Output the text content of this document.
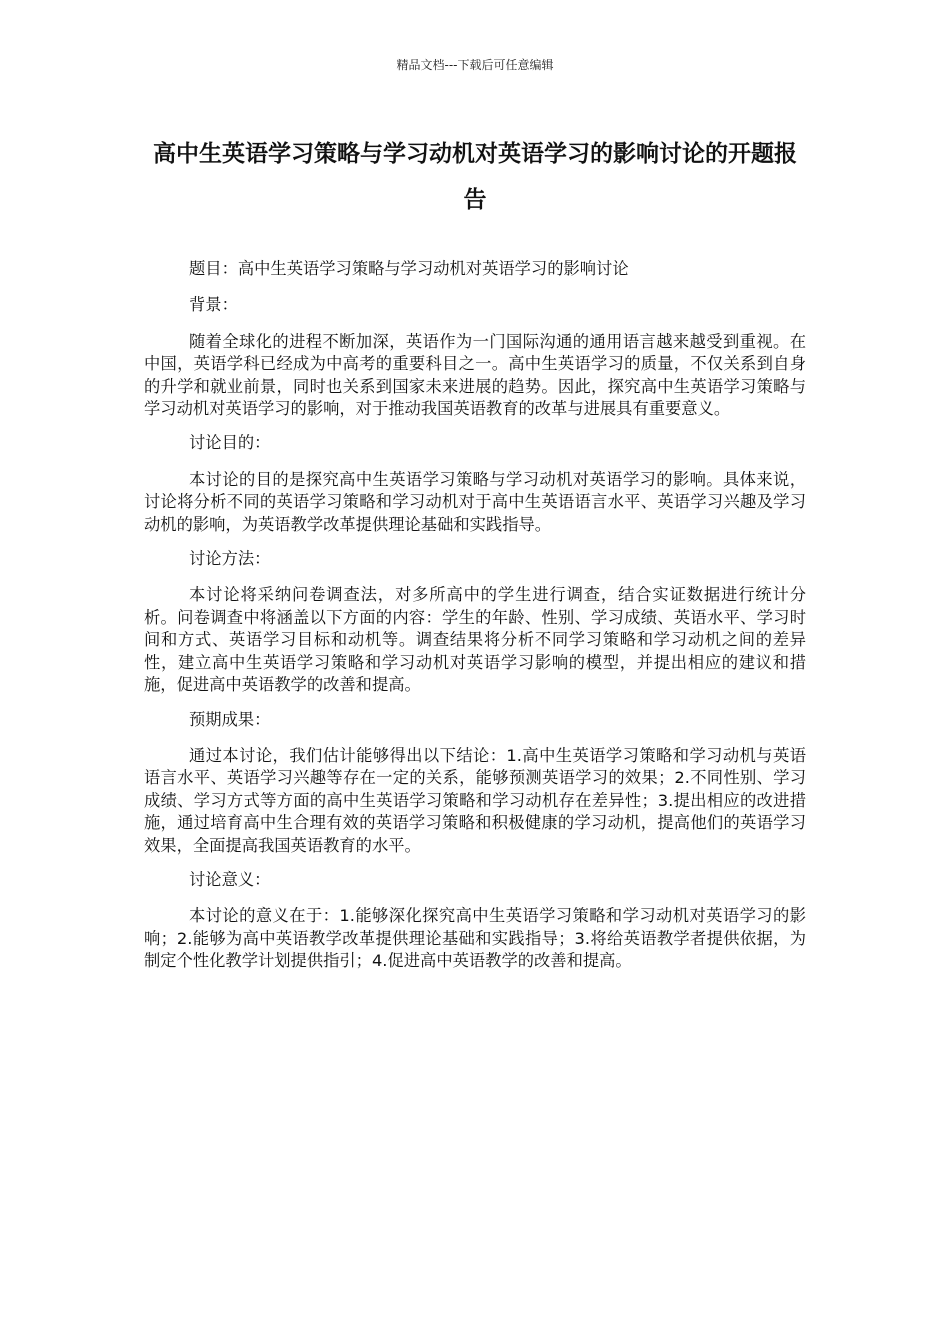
精品文档---下载后可任意编辑
高中生英语学习策略与学习动机对英语学习的影响讨论的开题报告

题目：高中生英语学习策略与学习动机对英语学习的影响讨论

背景：

随着全球化的进程不断加深，英语作为一门国际沟通的通用语言越来越受到重视。在中国，英语学科已经成为中高考的重要科目之一。高中生英语学习的质量，不仅关系到自身的升学和就业前景，同时也关系到国家未来进展的趋势。因此，探究高中生英语学习策略与学习动机对英语学习的影响，对于推动我国英语教育的改革与进展具有重要意义。

讨论目的：

本讨论的目的是探究高中生英语学习策略与学习动机对英语学习的影响。具体来说，讨论将分析不同的英语学习策略和学习动机对于高中生英语语言水平、英语学习兴趣及学习动机的影响，为英语教学改革提供理论基础和实践指导。

讨论方法：

本讨论将采纳问卷调查法，对多所高中的学生进行调查，结合实证数据进行统计分析。问卷调查中将涵盖以下方面的内容：学生的年龄、性别、学习成绩、英语水平、学习时间和方式、英语学习目标和动机等。调查结果将分析不同学习策略和学习动机之间的差异性，建立高中生英语学习策略和学习动机对英语学习影响的模型，并提出相应的建议和措施，促进高中英语教学的改善和提高。

预期成果：

通过本讨论，我们估计能够得出以下结论：1.高中生英语学习策略和学习动机与英语语言水平、英语学习兴趣等存在一定的关系，能够预测英语学习的效果；2.不同性别、学习成绩、学习方式等方面的高中生英语学习策略和学习动机存在差异性；3.提出相应的改进措施，通过培育高中生合理有效的英语学习策略和积极健康的学习动机，提高他们的英语学习效果，全面提高我国英语教育的水平。

讨论意义：

本讨论的意义在于：1.能够深化探究高中生英语学习策略和学习动机对英语学习的影响；2.能够为高中英语教学改革提供理论基础和实践指导；3.将给英语教学者提供依据，为制定个性化教学计划提供指引；4.促进高中英语教学的改善和提高。
